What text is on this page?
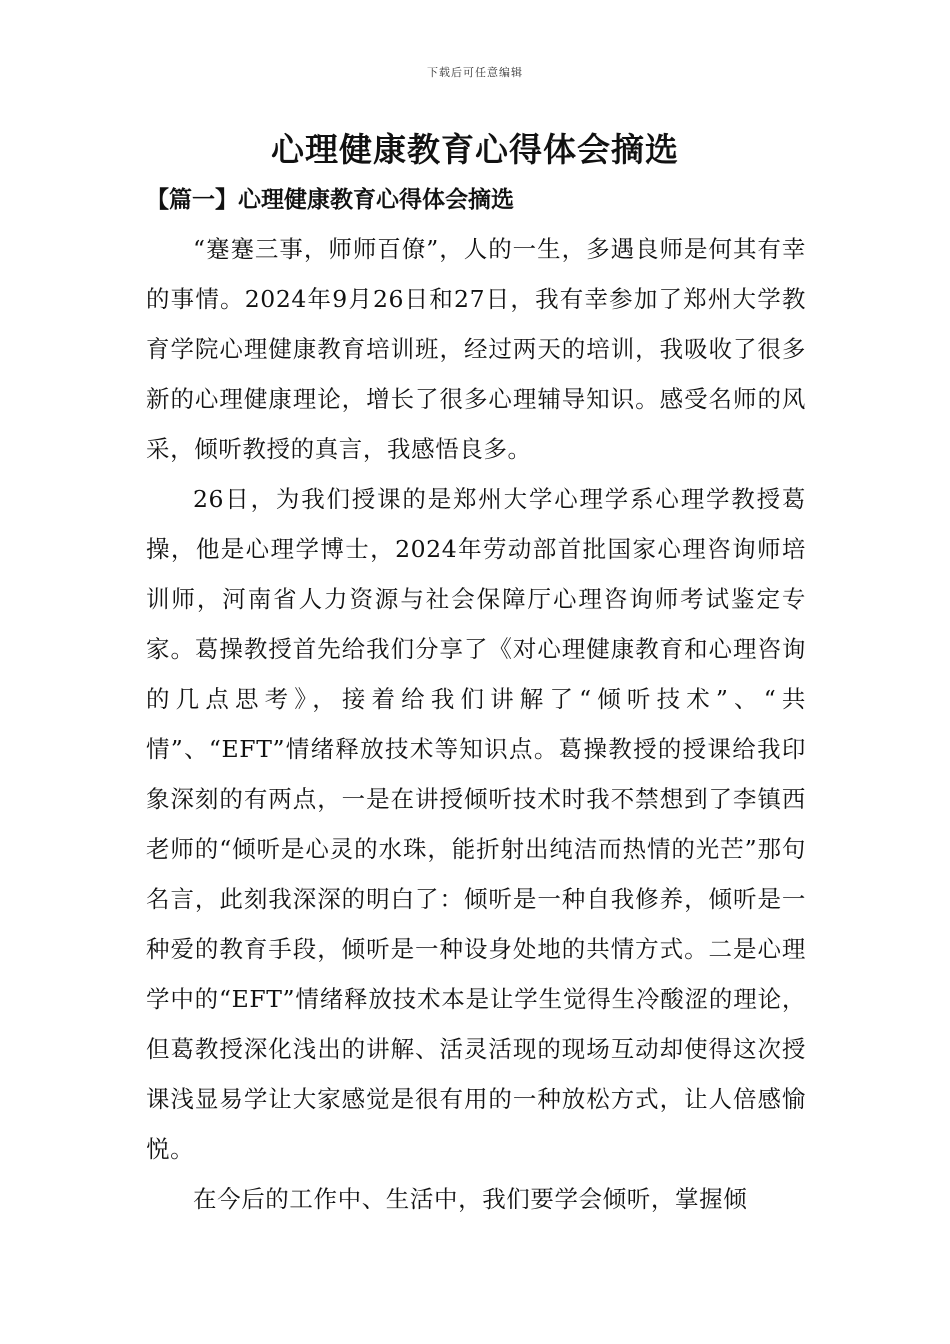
下载后可任意编辑
心理健康教育心得体会摘选
【篇一】心理健康教育心得体会摘选

“蹇蹇三事，师师百僚”，人的一生，多遇良师是何其有幸的事情。2024年9月26日和27日，我有幸参加了郑州大学教育学院心理健康教育培训班，经过两天的培训，我吸收了很多新的心理健康理论，增长了很多心理辅导知识。感受名师的风采，倾听教授的真言，我感悟良多。

26日，为我们授课的是郑州大学心理学系心理学教授葛操，他是心理学博士，2024年劳动部首批国家心理咨询师培训师，河南省人力资源与社会保障厅心理咨询师考试鉴定专家。葛操教授首先给我们分享了《对心理健康教育和心理咨询的几点思考》，接着给我们讲解了“倾听技术”、“共情”、“EFT”情绪释放技术等知识点。葛操教授的授课给我印象深刻的有两点，一是在讲授倾听技术时我不禁想到了李镇西老师的“倾听是心灵的水珠，能折射出纯洁而热情的光芒”那句名言，此刻我深深的明白了：倾听是一种自我修养，倾听是一种爱的教育手段，倾听是一种设身处地的共情方式。二是心理学中的“EFT”情绪释放技术本是让学生觉得生冷酸涩的理论，但葛教授深化浅出的讲解、活灵活现的现场互动却使得这次授课浅显易学让大家感觉是很有用的一种放松方式，让人倍感愉悦。

在今后的工作中、生活中，我们要学会倾听，掌握倾
